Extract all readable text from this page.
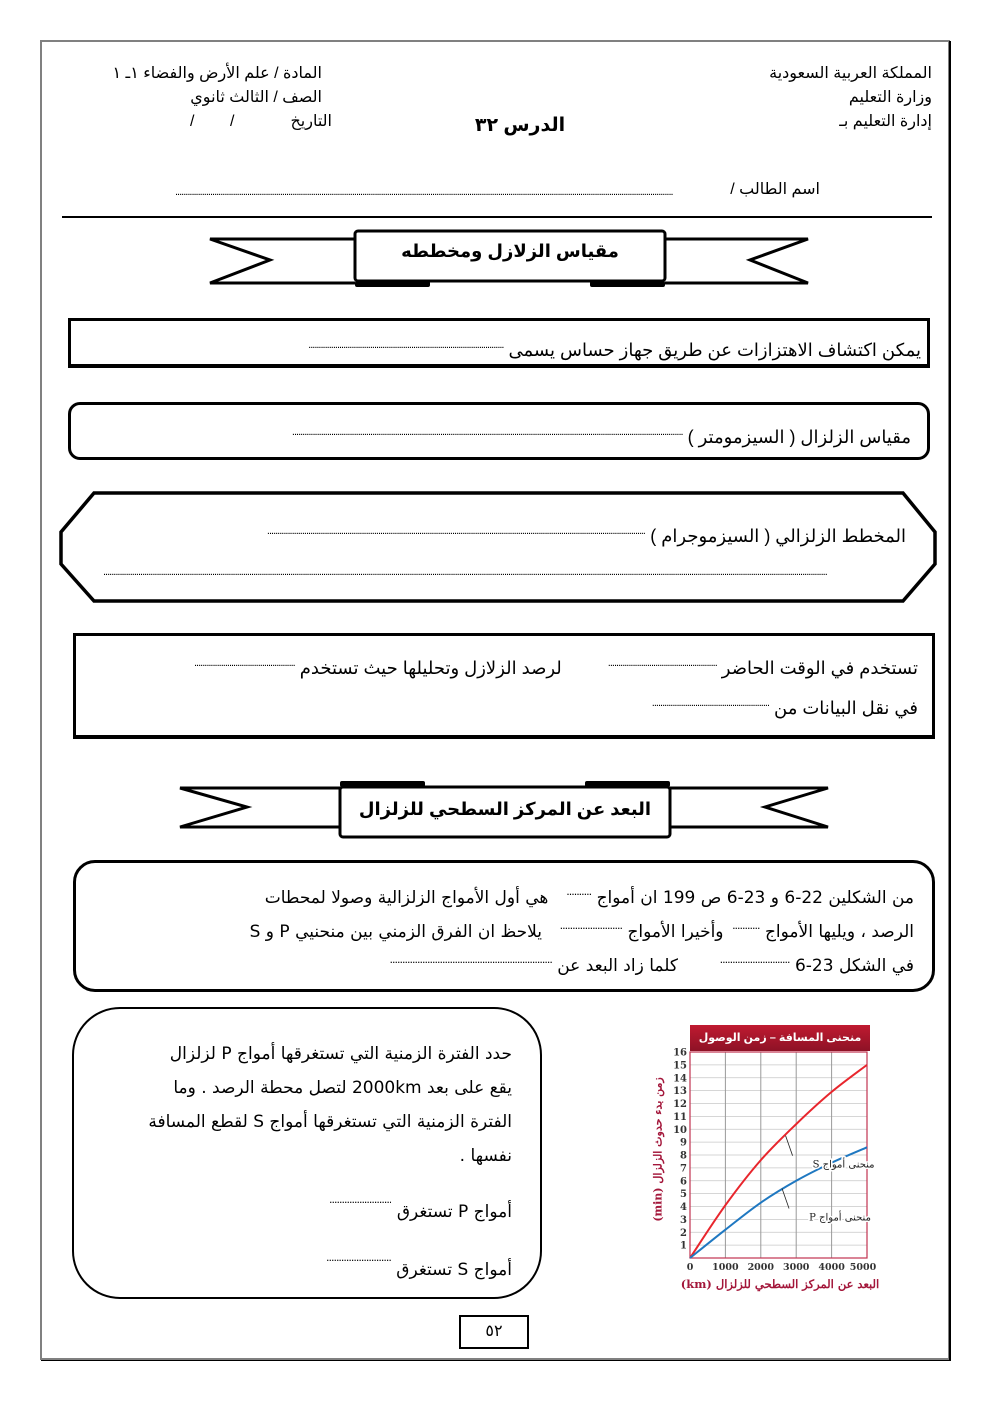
المملكة العربية السعودية
وزارة التعليم
إدارة التعليم بـ
الدرس ٣٢
المادة / علم الأرض والفضاء ١ـ ١
الصف / الثالث ثانوي
التاريخ
/        /
اسم الطالب /
..................................................................................................................................................................................................................................................
مقياس الزلازل ومخططه
يمكن اكتشاف الاهتزازات عن طريق جهاز حساس يسمى ...............................................................................................
مقياس الزلزال ( السيزمومتر ) ..............................................................................................................................................................................................
المخطط الزلزالي ( السيزموجرام ) ........................................................................................................................................................................................
................................................................................................................................................................................................................................................................................................................................................................
تستخدم في الوقت الحاضر .....................................................لرصد الزلازل وتحليلها حيث تستخدم .................................................
في نقل البيانات من .........................................................
البعد عن المركز السطحي للزلزال
من الشكلين 22-6 و 23-6 ص 199 ان أمواج ..........  هي أول الأمواج الزلزالية وصولا لمحطات
الرصد ، ويليها الأمواج ...........وأخيرا الأمواج .........................يلاحظ ان الفرق الزمني بين منحنيي P و S
في الشكل 23-6 ............................    كلما زاد البعد عن .................................................................
حدد الفترة الزمنية التي تستغرقها أمواج P لزلزال
يقع على بعد 2000km لتصل محطة الرصد . وما
الفترة الزمنية التي تستغرقها أمواج S لقطع المسافة
نفسها .
أمواج P تستغرق .........................
أمواج S تستغرق ..........................
1
2
3
4
5
6
7
8
9
10
11
12
13
14
15
16
0 1000 2000 3000 4000 5000
منحنى أمواج S
منحنى أمواج P
منحنى المسافة – زمن الوصول
البعد عن المركز السطحي للزلزال (km)
زمن بدء حدوث الزلزال (min)
٥٢
